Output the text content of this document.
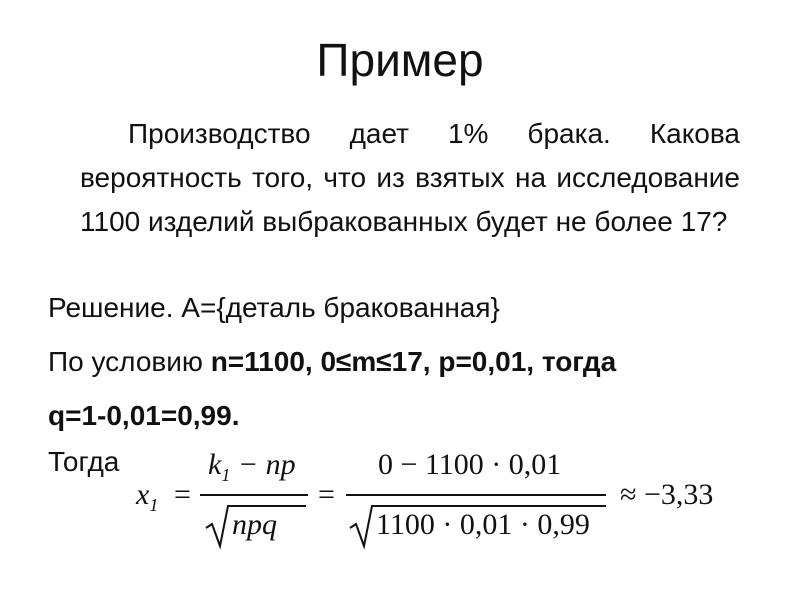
Пример
Производство дает 1% брака. Какова вероятность того, что из взятых на исследование 1100 изделий выбракованных будет не более 17?
Решение. А={деталь бракованная}
По условию n=1100, 0≤m≤17, p=0,01, тогда
q=1-0,01=0,99.
Тогда
$x_1$ =
$k_1$ − np
npq
=
0 − 1100 · 0,01
1100 · 0,01 · 0,99
≈ −3,33
